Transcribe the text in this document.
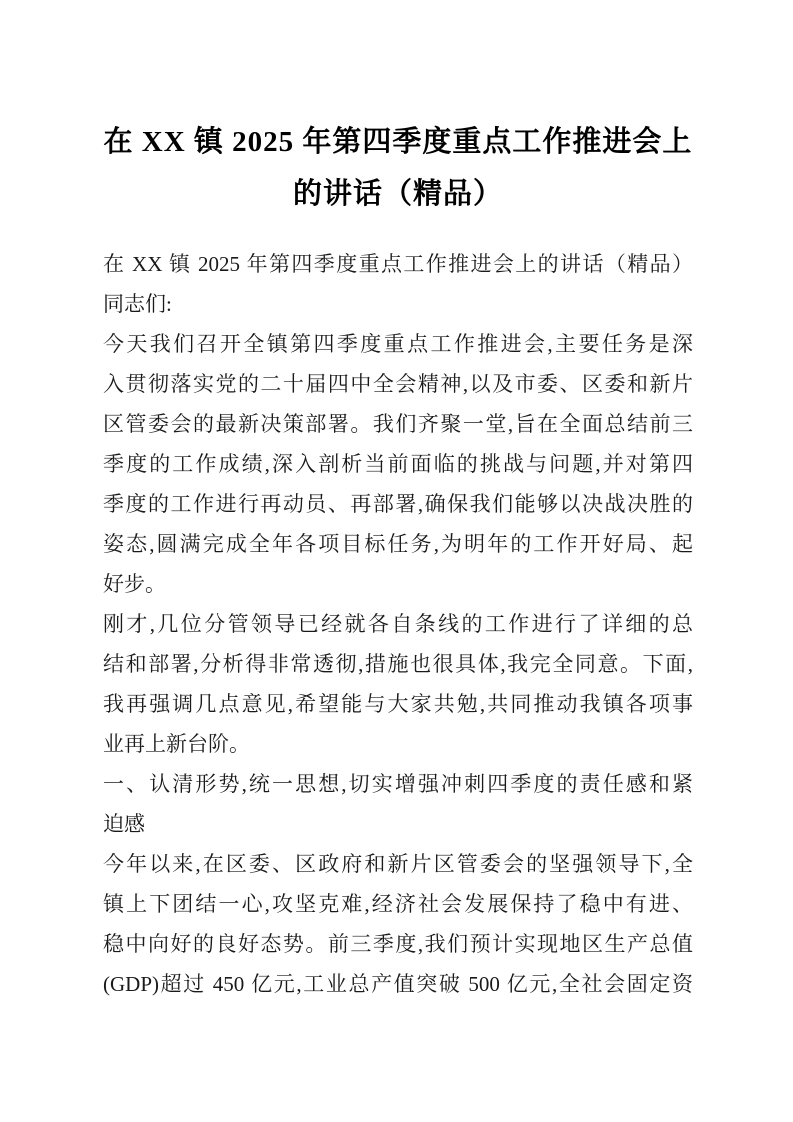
在 XX 镇 2025 年第四季度重点工作推进会上
的讲话（精品）
在 XX 镇 2025 年第四季度重点工作推进会上的讲话（精品）
同志们:
今天我们召开全镇第四季度重点工作推进会,主要任务是深
入贯彻落实党的二十届四中全会精神,以及市委、区委和新片
区管委会的最新决策部署。我们齐聚一堂,旨在全面总结前三
季度的工作成绩,深入剖析当前面临的挑战与问题,并对第四
季度的工作进行再动员、再部署,确保我们能够以决战决胜的
姿态,圆满完成全年各项目标任务,为明年的工作开好局、起
好步。
刚才,几位分管领导已经就各自条线的工作进行了详细的总
结和部署,分析得非常透彻,措施也很具体,我完全同意。下面,
我再强调几点意见,希望能与大家共勉,共同推动我镇各项事
业再上新台阶。
一、认清形势,统一思想,切实增强冲刺四季度的责任感和紧
迫感
今年以来,在区委、区政府和新片区管委会的坚强领导下,全
镇上下团结一心,攻坚克难,经济社会发展保持了稳中有进、
稳中向好的良好态势。前三季度,我们预计实现地区生产总值
(GDP)超过 450 亿元,工业总产值突破 500 亿元,全社会固定资
